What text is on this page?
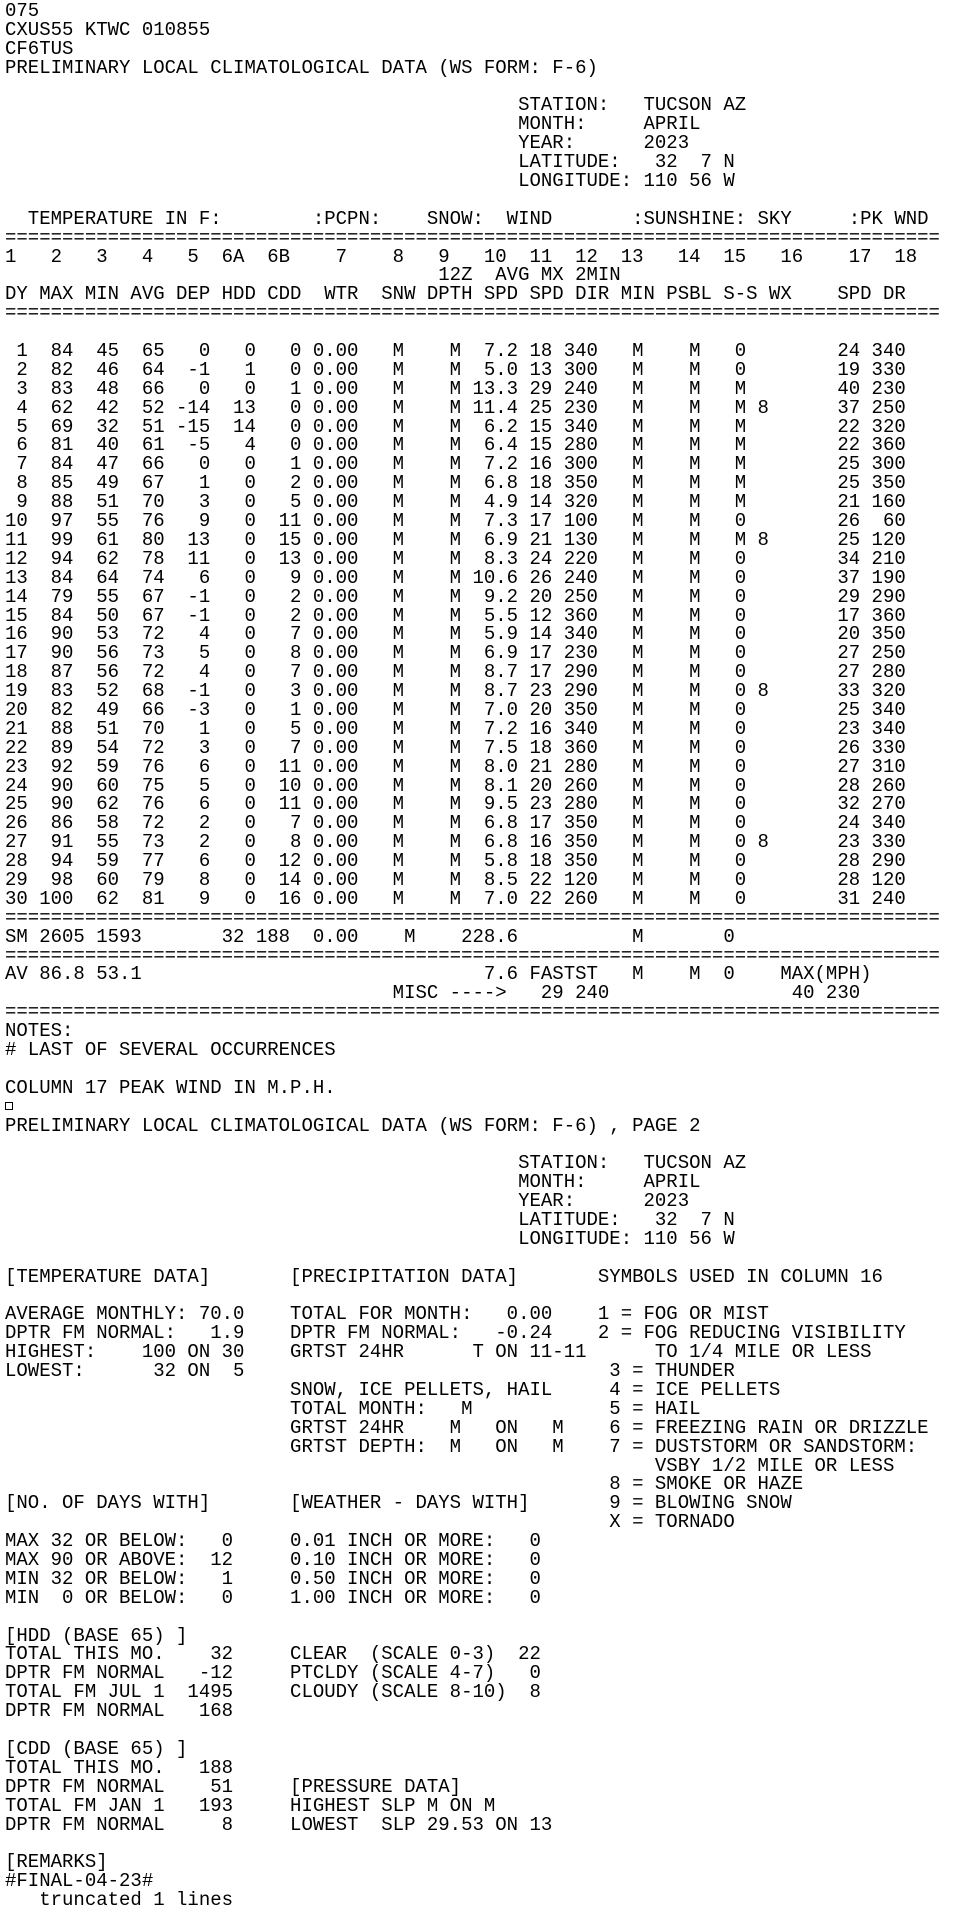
075
CXUS55 KTWC 010855
CF6TUS
PRELIMINARY LOCAL CLIMATOLOGICAL DATA (WS FORM: F-6)
STATION:   TUCSON AZ
MONTH:     APRIL
YEAR:      2023
LATITUDE:   32  7 N
LONGITUDE: 110 56 W
TEMPERATURE IN F:        :PCPN:    SNOW:  WIND       :SUNSHINE: SKY     :PK WND
==================================================================================
1   2   3   4   5  6A  6B    7    8   9   10  11  12  13   14  15   16    17  18
12Z  AVG MX 2MIN
DY MAX MIN AVG DEP HDD CDD  WTR  SNW DPTH SPD SPD DIR MIN PSBL S-S WX    SPD DR
==================================================================================
1  84  45  65   0   0   0 0.00   M    M  7.2 18 340   M    M   0        24 340
2  82  46  64  -1   1   0 0.00   M    M  5.0 13 300   M    M   0        19 330
3  83  48  66   0   0   1 0.00   M    M 13.3 29 240   M    M   M        40 230
4  62  42  52 -14  13   0 0.00   M    M 11.4 25 230   M    M   M 8      37 250
5  69  32  51 -15  14   0 0.00   M    M  6.2 15 340   M    M   M        22 320
6  81  40  61  -5   4   0 0.00   M    M  6.4 15 280   M    M   M        22 360
7  84  47  66   0   0   1 0.00   M    M  7.2 16 300   M    M   M        25 300
8  85  49  67   1   0   2 0.00   M    M  6.8 18 350   M    M   M        25 350
9  88  51  70   3   0   5 0.00   M    M  4.9 14 320   M    M   M        21 160
10  97  55  76   9   0  11 0.00   M    M  7.3 17 100   M    M   0        26  60
11  99  61  80  13   0  15 0.00   M    M  6.9 21 130   M    M   M 8      25 120
12  94  62  78  11   0  13 0.00   M    M  8.3 24 220   M    M   0        34 210
13  84  64  74   6   0   9 0.00   M    M 10.6 26 240   M    M   0        37 190
14  79  55  67  -1   0   2 0.00   M    M  9.2 20 250   M    M   0        29 290
15  84  50  67  -1   0   2 0.00   M    M  5.5 12 360   M    M   0        17 360
16  90  53  72   4   0   7 0.00   M    M  5.9 14 340   M    M   0        20 350
17  90  56  73   5   0   8 0.00   M    M  6.9 17 230   M    M   0        27 250
18  87  56  72   4   0   7 0.00   M    M  8.7 17 290   M    M   0        27 280
19  83  52  68  -1   0   3 0.00   M    M  8.7 23 290   M    M   0 8      33 320
20  82  49  66  -3   0   1 0.00   M    M  7.0 20 350   M    M   0        25 340
21  88  51  70   1   0   5 0.00   M    M  7.2 16 340   M    M   0        23 340
22  89  54  72   3   0   7 0.00   M    M  7.5 18 360   M    M   0        26 330
23  92  59  76   6   0  11 0.00   M    M  8.0 21 280   M    M   0        27 310
24  90  60  75   5   0  10 0.00   M    M  8.1 20 260   M    M   0        28 260
25  90  62  76   6   0  11 0.00   M    M  9.5 23 280   M    M   0        32 270
26  86  58  72   2   0   7 0.00   M    M  6.8 17 350   M    M   0        24 340
27  91  55  73   2   0   8 0.00   M    M  6.8 16 350   M    M   0 8      23 330
28  94  59  77   6   0  12 0.00   M    M  5.8 18 350   M    M   0        28 290
29  98  60  79   8   0  14 0.00   M    M  8.5 22 120   M    M   0        28 120
30 100  62  81   9   0  16 0.00   M    M  7.0 22 260   M    M   0        31 240
==================================================================================
SM 2605 1593       32 188  0.00    M    228.6          M       0
==================================================================================
AV 86.8 53.1                              7.6 FASTST   M    M  0    MAX(MPH)
MISC ---->   29 240                40 230
==================================================================================
NOTES:
# LAST OF SEVERAL OCCURRENCES
COLUMN 17 PEAK WIND IN M.P.H.
PRELIMINARY LOCAL CLIMATOLOGICAL DATA (WS FORM: F-6) , PAGE 2
STATION:   TUCSON AZ
MONTH:     APRIL
YEAR:      2023
LATITUDE:   32  7 N
LONGITUDE: 110 56 W
[TEMPERATURE DATA]       [PRECIPITATION DATA]       SYMBOLS USED IN COLUMN 16
AVERAGE MONTHLY: 70.0    TOTAL FOR MONTH:   0.00    1 = FOG OR MIST
DPTR FM NORMAL:   1.9    DPTR FM NORMAL:   -0.24    2 = FOG REDUCING VISIBILITY
HIGHEST:    100 ON 30    GRTST 24HR      T ON 11-11      TO 1/4 MILE OR LESS
LOWEST:      32 ON  5                                3 = THUNDER
SNOW, ICE PELLETS, HAIL     4 = ICE PELLETS
TOTAL MONTH:   M            5 = HAIL
GRTST 24HR    M   ON   M    6 = FREEZING RAIN OR DRIZZLE
GRTST DEPTH:  M   ON   M    7 = DUSTSTORM OR SANDSTORM:
VSBY 1/2 MILE OR LESS
8 = SMOKE OR HAZE
[NO. OF DAYS WITH]       [WEATHER - DAYS WITH]       9 = BLOWING SNOW
X = TORNADO
MAX 32 OR BELOW:   0     0.01 INCH OR MORE:   0
MAX 90 OR ABOVE:  12     0.10 INCH OR MORE:   0
MIN 32 OR BELOW:   1     0.50 INCH OR MORE:   0
MIN  0 OR BELOW:   0     1.00 INCH OR MORE:   0
[HDD (BASE 65) ]
TOTAL THIS MO.    32     CLEAR  (SCALE 0-3)  22
DPTR FM NORMAL   -12     PTCLDY (SCALE 4-7)   0
TOTAL FM JUL 1  1495     CLOUDY (SCALE 8-10)  8
DPTR FM NORMAL   168
[CDD (BASE 65) ]
TOTAL THIS MO.   188
DPTR FM NORMAL    51     [PRESSURE DATA]
TOTAL FM JAN 1   193     HIGHEST SLP M ON M
DPTR FM NORMAL     8     LOWEST  SLP 29.53 ON 13
[REMARKS]
#FINAL-04-23#
truncated 1 lines
